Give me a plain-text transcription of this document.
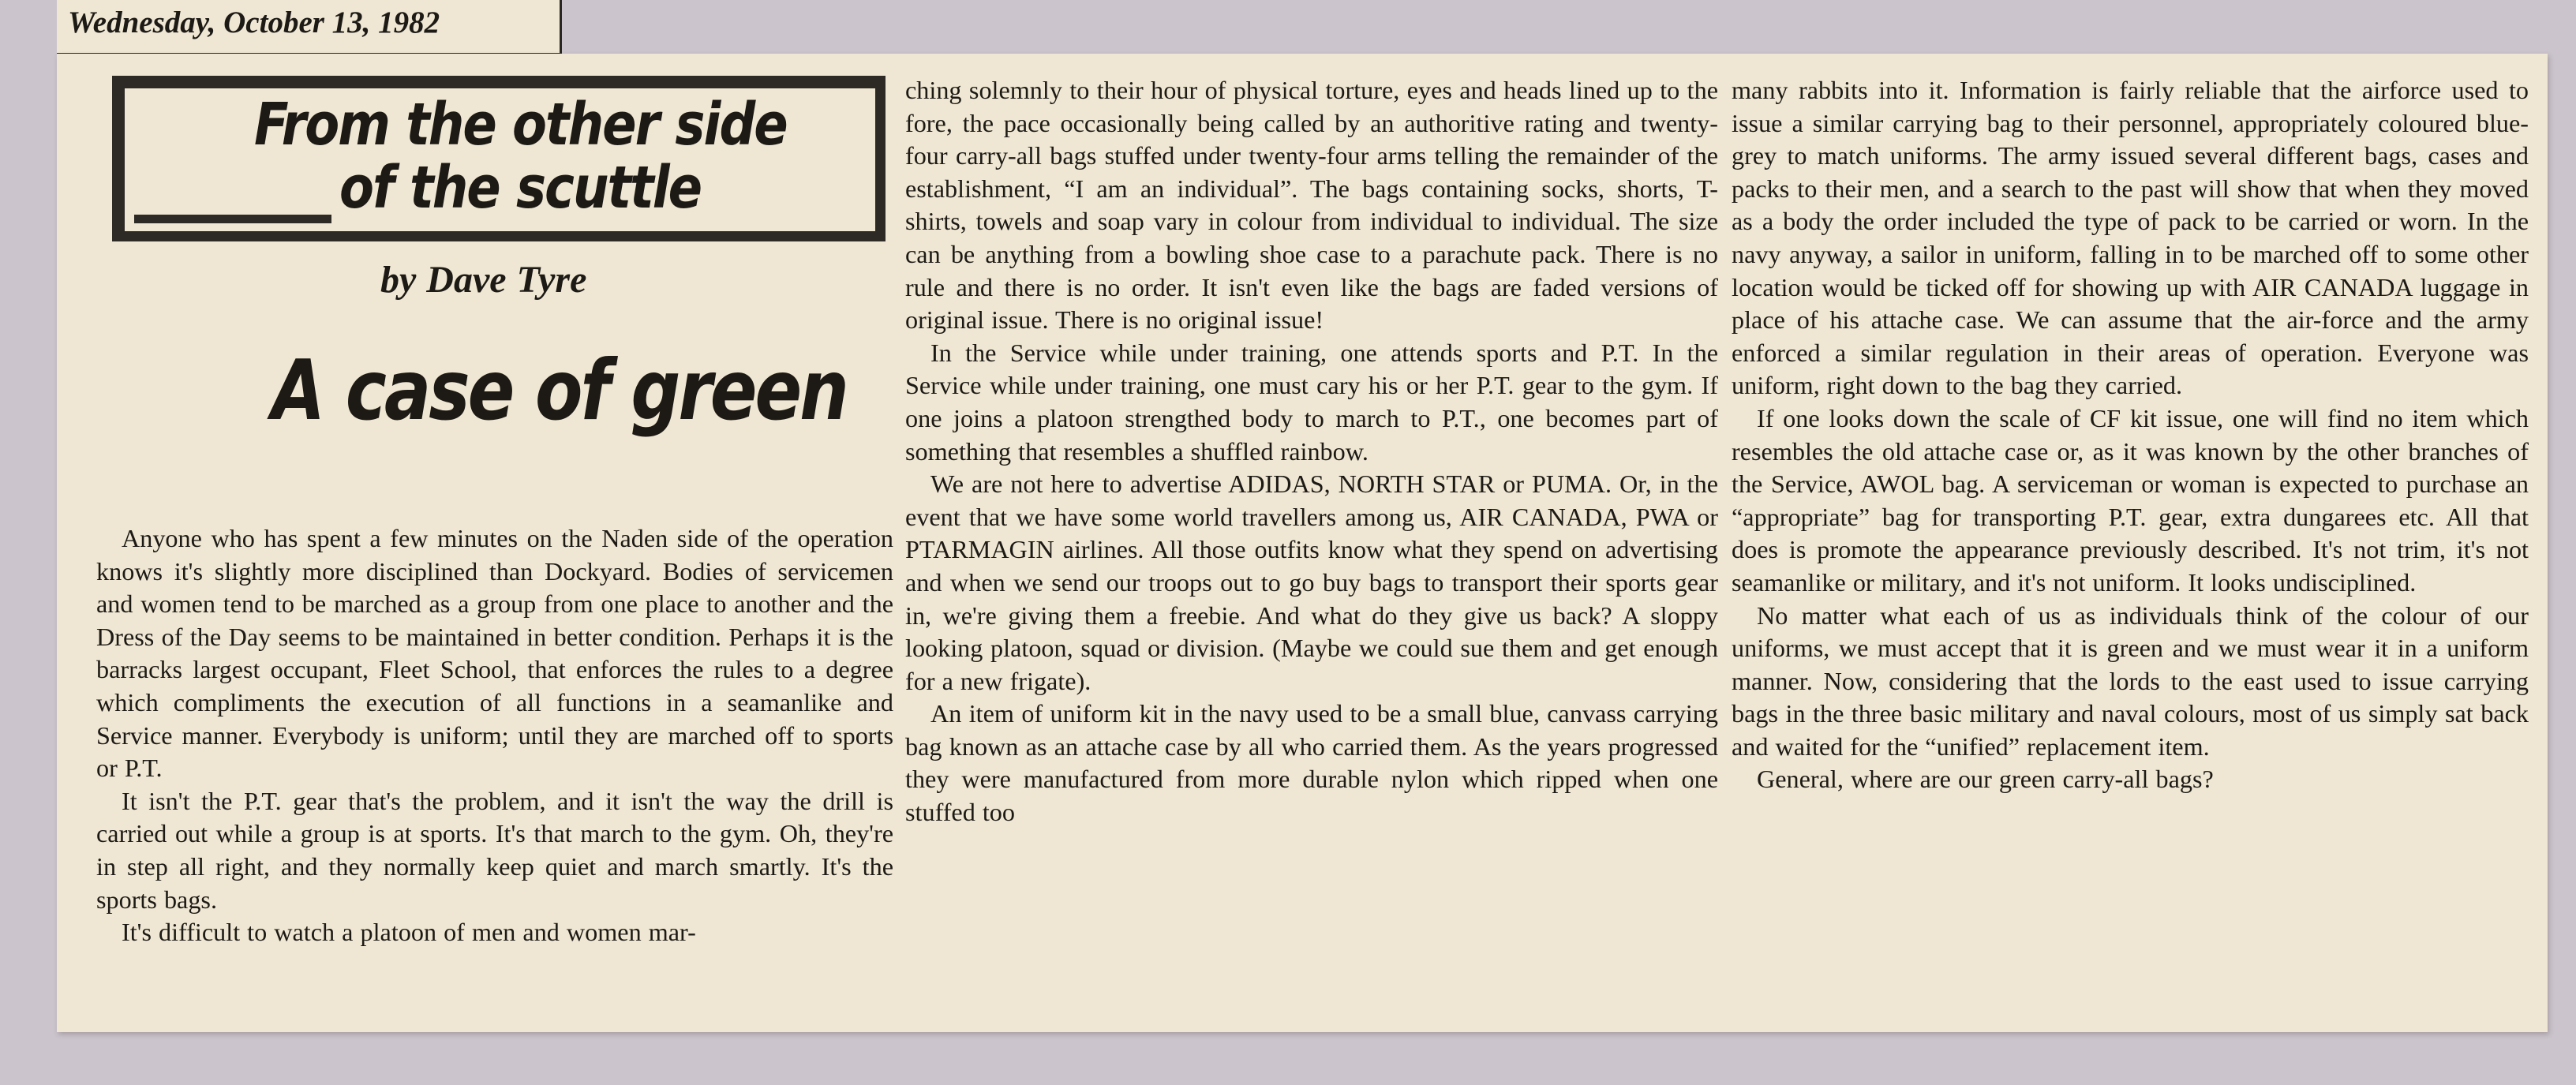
Wednesday, October 13, 1982
From the other side
of the scuttle
by Dave Tyre
A case of green

Anyone who has spent a few minutes on the Naden side of the operation knows it's slightly more disciplined than Dockyard. Bodies of servicemen and women tend to be marched as a group from one place to another and the Dress of the Day seems to be maintained in better condition. Perhaps it is the barracks largest occupant, Fleet School, that enforces the rules to a degree which compliments the execution of all functions in a seamanlike and Service manner. Everybody is uniform; until they are marched off to sports or P.T.

It isn't the P.T. gear that's the problem, and it isn't the way the drill is carried out while a group is at sports. It's that march to the gym. Oh, they're in step all right, and they normally keep quiet and march smartly. It's the sports bags.

It's difficult to watch a platoon of men and women mar-

ching solemnly to their hour of physical torture, eyes and heads lined up to the fore, the pace occasionally being called by an authoritive rating and twenty-four carry-all bags stuffed under twenty-four arms telling the remainder of the establishment, “I am an individual”. The bags containing socks, shorts, T-shirts, towels and soap vary in colour from individual to individual. The size can be anything from a bowling shoe case to a parachute pack. There is no rule and there is no order. It isn't even like the bags are faded versions of original issue. There is no original issue!

In the Service while under training, one attends sports and P.T. In the Service while under training, one must cary his or her P.T. gear to the gym. If one joins a platoon strengthed body to march to P.T., one becomes part of something that resembles a shuffled rainbow.

We are not here to advertise ADIDAS, NORTH STAR or PUMA. Or, in the event that we have some world travellers among us, AIR CANADA, PWA or PTARMAGIN airlines. All those outfits know what they spend on advertising and when we send our troops out to go buy bags to transport their sports gear in, we're giving them a freebie. And what do they give us back? A sloppy looking platoon, squad or division. (Maybe we could sue them and get enough for a new frigate).

An item of uniform kit in the navy used to be a small blue, canvass carrying bag known as an attache case by all who carried them. As the years progressed they were manufactured from more durable nylon which ripped when one stuffed too

many rabbits into it. Information is fairly reliable that the airforce used to issue a similar carrying bag to their personnel, appropriately coloured blue-grey to match uniforms. The army issued several different bags, cases and packs to their men, and a search to the past will show that when they moved as a body the order included the type of pack to be carried or worn. In the navy anyway, a sailor in uniform, falling in to be marched off to some other location would be ticked off for showing up with AIR CANADA luggage in place of his attache case. We can assume that the air-force and the army enforced a similar regulation in their areas of operation. Everyone was uniform, right down to the bag they carried.

If one looks down the scale of CF kit issue, one will find no item which resembles the old attache case or, as it was known by the other branches of the Service, AWOL bag. A serviceman or woman is expected to purchase an “appropriate” bag for transporting P.T. gear, extra dungarees etc. All that does is promote the appearance previously described. It's not trim, it's not seamanlike or military, and it's not uniform. It looks undisciplined.

No matter what each of us as individuals think of the colour of our uniforms, we must accept that it is green and we must wear it in a uniform manner. Now, considering that the lords to the east used to issue carrying bags in the three basic military and naval colours, most of us simply sat back and waited for the “unified” replacement item.

General, where are our green carry-all bags?
